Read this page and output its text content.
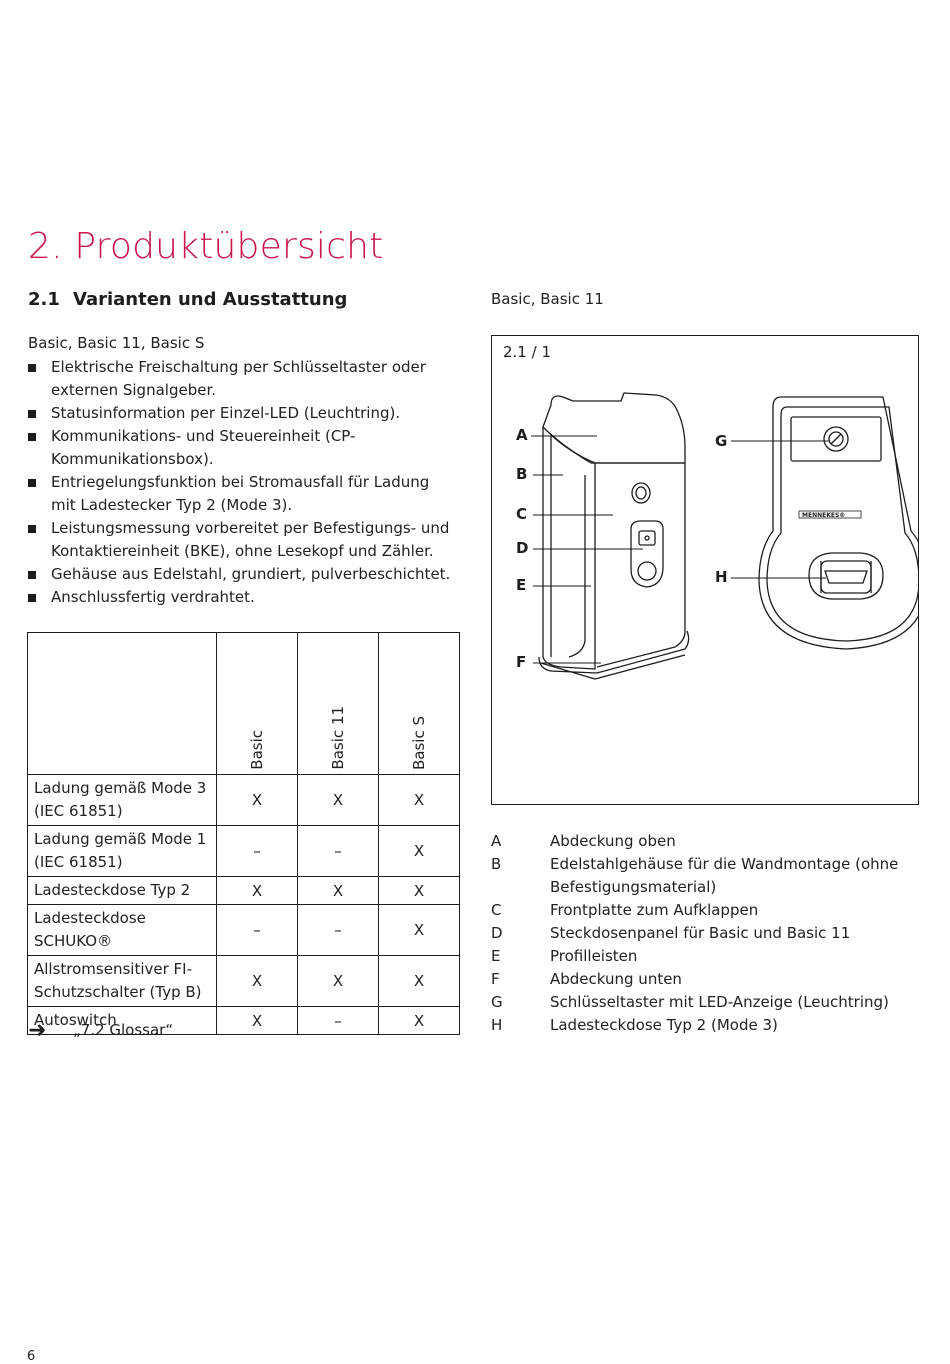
2. Produktübersicht
2.1 Varianten und Ausstattung
Basic, Basic 11, Basic S
Elektrische Freischaltung per Schlüsseltaster oder externen Signalgeber.
Statusinformation per Einzel-LED (Leuchtring).
Kommunikations- und Steuereinheit (CP-Kommunikationsbox).
Entriegelungsfunktion bei Stromausfall für Ladung mit Ladestecker Typ 2 (Mode 3).
Leistungsmessung vorbereitet per Befestigungs- und Kontaktiereinheit (BKE), ohne Lesekopf und Zähler.
Gehäuse aus Edelstahl, grundiert, pulverbeschichtet.
Anschlussfertig verdrahtet.
	Basic	Basic 11	Basic S
Ladung gemäß Mode 3 (IEC 61851)	X	X	X
Ladung gemäß Mode 1 (IEC 61851)	–	–	X
Ladesteckdose Typ 2	X	X	X
Ladesteckdose SCHUKO®	–	–	X
Allstromsensitiver FI-Schutzschalter (Typ B)	X	X	X
Autoswitch	X	–	X
➜ „7.2 Glossar“
Basic, Basic 11
2.1 / 1
MENNEKES®
A
B
C
D
E
F
G
H
A	Abdeckung oben
B	Edelstahlgehäuse für die Wandmontage (ohne Befestigungsmaterial)
C	Frontplatte zum Aufklappen
D	Steckdosenpanel für Basic und Basic 11
E	Profilleisten
F	Abdeckung unten
G	Schlüsseltaster mit LED-Anzeige (Leuchtring)
H	Ladesteckdose Typ 2 (Mode 3)
6
